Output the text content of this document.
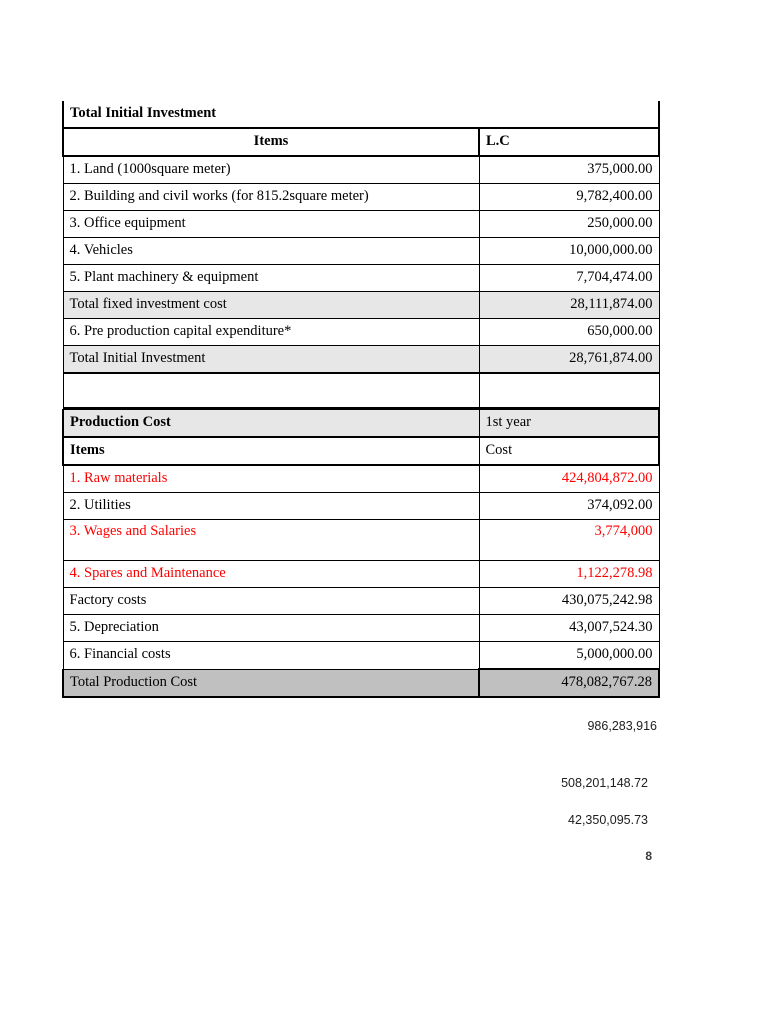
Total Initial Investment	
Items	L.C
1. Land (1000square meter)	375,000.00
2. Building and civil works (for 815.2square meter)	9,782,400.00
3. Office equipment	250,000.00
4. Vehicles	10,000,000.00
5. Plant machinery & equipment	7,704,474.00
Total fixed investment cost	28,111,874.00
6. Pre production capital expenditure*	650,000.00
Total Initial Investment	28,761,874.00

Production Cost	1st year
Items	Cost
1. Raw materials	424,804,872.00
2. Utilities	374,092.00
3. Wages and Salaries	3,774,000
4. Spares and Maintenance	1,122,278.98
Factory costs	430,075,242.98
5. Depreciation	43,007,524.30
6. Financial costs	5,000,000.00
Total Production Cost	478,082,767.28
986,283,916
508,201,148.72
42,350,095.73
8
